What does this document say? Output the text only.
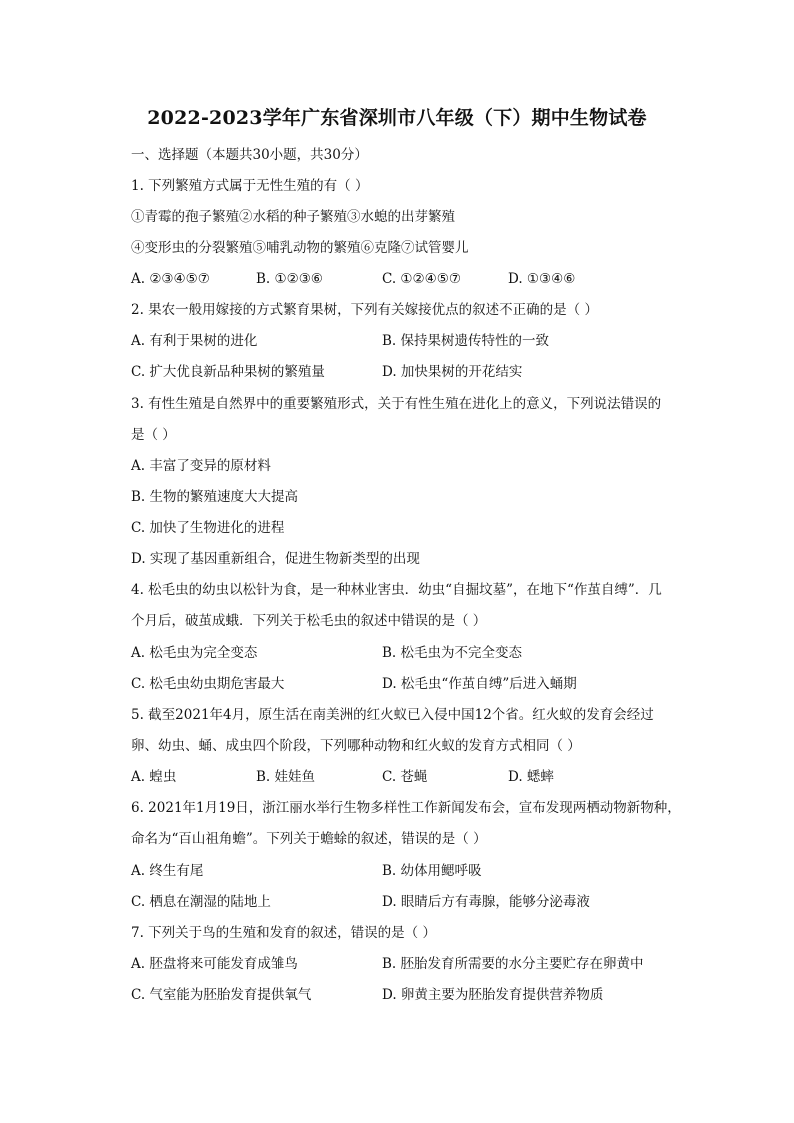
2022-2023学年广东省深圳市八年级（下）期中生物试卷
一、选择题（本题共30小题，共30分）
1. 下列繁殖方式属于无性生殖的有（ ）
①青霉的孢子繁殖②水稻的种子繁殖③水螅的出芽繁殖
④变形虫的分裂繁殖⑤哺乳动物的繁殖⑥克隆⑦试管婴儿
A. ②③④⑤⑦	B. ①②③⑥	C. ①②④⑤⑦	D. ①③④⑥
2. 果农一般用嫁接的方式繁育果树，下列有关嫁接优点的叙述不正确的是（ ）
A. 有利于果树的进化	B. 保持果树遗传特性的一致
C. 扩大优良新品种果树的繁殖量	D. 加快果树的开花结实
3. 有性生殖是自然界中的重要繁殖形式，关于有性生殖在进化上的意义，下列说法错误的
是（ ）
A. 丰富了变异的原材料
B. 生物的繁殖速度大大提高
C. 加快了生物进化的进程
D. 实现了基因重新组合，促进生物新类型的出现
4. 松毛虫的幼虫以松针为食，是一种林业害虫．幼虫“自掘坟墓”，在地下“作茧自缚”．几
个月后，破茧成蛾．下列关于松毛虫的叙述中错误的是（ ）
A. 松毛虫为完全变态	B. 松毛虫为不完全变态
C. 松毛虫幼虫期危害最大	D. 松毛虫“作茧自缚”后进入蛹期
5. 截至2021年4月，原生活在南美洲的红火蚁已入侵中国12个省。红火蚁的发育会经过
卵、幼虫、蛹、成虫四个阶段，下列哪种动物和红火蚁的发育方式相同（ ）
A. 蝗虫	B. 娃娃鱼	C. 苍蝇	D. 蟋蟀
6. 2021年1月19日，浙江丽水举行生物多样性工作新闻发布会，宣布发现两栖动物新物种，
命名为“百山祖角蟾”。下列关于蟾蜍的叙述，错误的是（ ）
A. 终生有尾	B. 幼体用鳃呼吸
C. 栖息在潮湿的陆地上	D. 眼睛后方有毒腺，能够分泌毒液
7. 下列关于鸟的生殖和发育的叙述，错误的是（ ）
A. 胚盘将来可能发育成雏鸟	B. 胚胎发育所需要的水分主要贮存在卵黄中
C. 气室能为胚胎发育提供氧气	D. 卵黄主要为胚胎发育提供营养物质
